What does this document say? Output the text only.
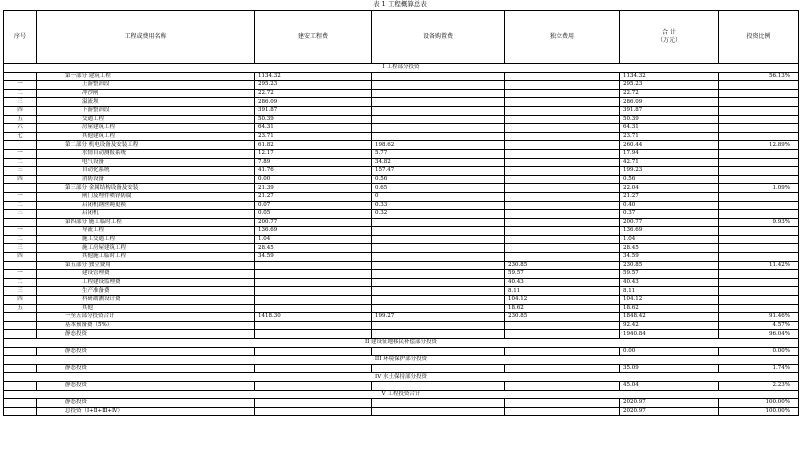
表 1 工程概算总表
序号	工程或费用名称	建安工程费	设备购置费	独立费用	合 计
（万元）	投资比例
I 工程部分投资						
	第一部分 建筑工程	1134.32			1134.32	56.13%
一	上游整治段	295.23			295.23	
二	冲沙闸	22.72			22.72	
三	溢流坝	286.09			286.09	
四	下游整治段	391.87			391.87	
五	交通工程	50.39			50.39	
六	房屋建筑工程	64.31			64.31	
七	其他建筑工程	23.71			23.71	
	第二部分 机电设备及安装工程	61.82	198.62		260.44	12.89%
一	水情自动测报系统	12.17	5.77		17.94	
二	电气设备	7.89	34.82		42.71	
三	自动化系统	41.76	157.47		199.23	
四	消防设备	0.00	0.56		0.56	
	第三部分 金属结构设备及安装	21.39	0.65		22.04	1.09%
一	闸门及埋件喷锌防腐	21.27	0		21.27	
二	启闭机钢丝绳更换	0.07	0.33		0.40	
三	启闭机	0.05	0.32		0.37	
	第四部分 施工临时工程	200.77			200.77	9.93%
一	导流工程	136.69			136.69	
二	施工交通工程	1.04			1.04	
三	施工房屋建筑工程	28.45			28.45	
四	其他施工临时工程	34.59			34.59	
	第五部分 独立费用			230.85	230.85	11.42%
一	建设管理费			59.57	59.57	
二	工程建设监理费			40.43	40.43	
三	生产准备费			8.11	8.11	
四	科研勘测设计费			104.12	104.12	
五	其他			18.62	18.62	
	一至五部分投资合计	1418.30	199.27	230.85	1848.42	91.46%
	基本预备费（5%）				92.42	4.57%
	静态投资				1940.84	96.04%
II 建设征地移民补偿部分投资						
	静态投资				0.00	0.00%
III 环境保护部分投资						
	静态投资				35.09	1.74%
IV 水土保持部分投资						
	静态投资				45.04	2.23%
V 工程投资合计						
	静态投资				2020.97	100.00%
	总投资（Ⅰ+Ⅱ+Ⅲ+Ⅳ）				2020.97	100.00%
